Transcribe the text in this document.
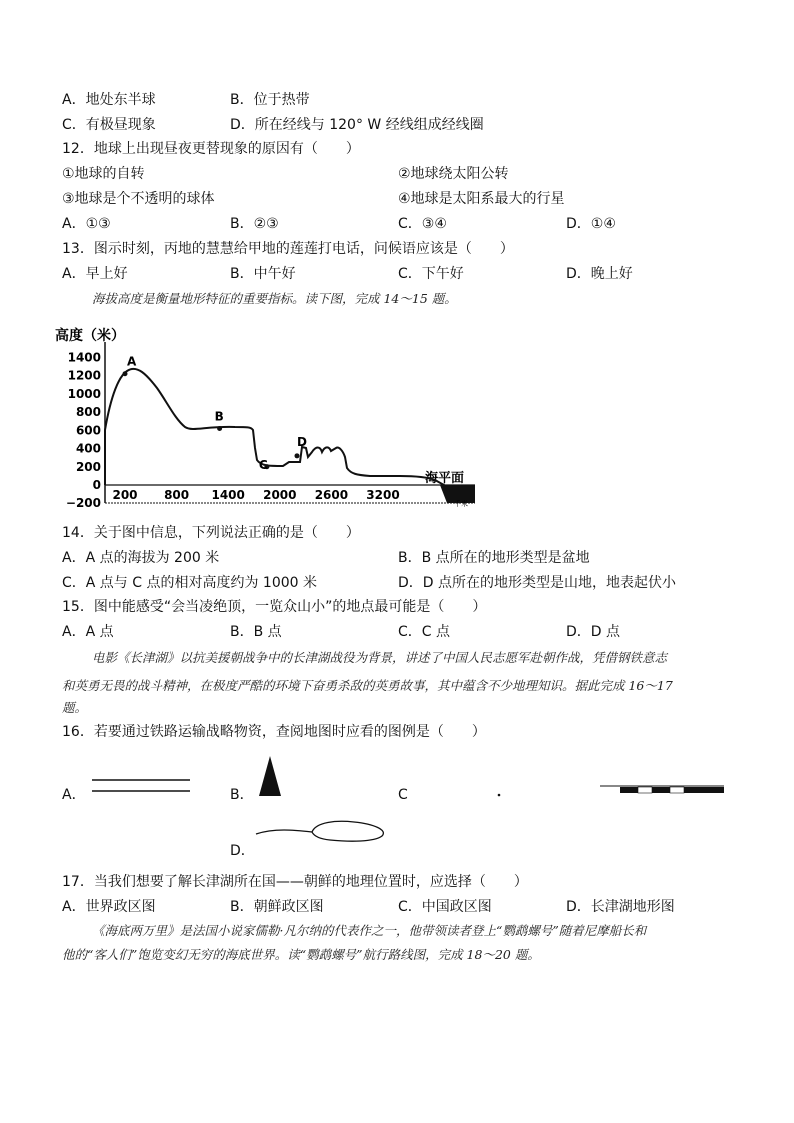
A．地处东半球	B．位于热带
C．有极昼现象	D．所在经线与 120° W 经线组成经线圈
12．地球上出现昼夜更替现象的原因有（　　）
①地球的自转	②地球绕太阳公转
③地球是个不透明的球体	④地球是太阳系最大的行星
A．①③	B．②③	C．③④	D．①④
13．图示时刻，丙地的慧慧给甲地的莲莲打电话，问候语应该是（　　）
A．早上好	B．中午好	C．下午好	D．晚上好
海拔高度是衡量地形特征的重要指标。读下图，完成 14～15 题。
高度（米）
1400
1200
1000
800
600
400
200
0
−200
200 800 1400 2000 2600 3200
海平面
千米
A
B
C
D
14．关于图中信息，下列说法正确的是（　　）
A．A 点的海拔为 200 米	B．B 点所在的地形类型是盆地
C．A 点与 C 点的相对高度约为 1000 米	D．D 点所在的地形类型是山地，地表起伏小
15．图中能感受“会当凌绝顶，一览众山小”的地点最可能是（　　）
A．A 点	B．B 点	C．C 点	D．D 点
电影《长津湖》以抗美援朝战争中的长津湖战役为背景，讲述了中国人民志愿军赴朝作战，凭借钢铁意志
和英勇无畏的战斗精神，在极度严酷的环境下奋勇杀敌的英勇故事，其中蕴含不少地理知识。据此完成 16～17
题。
16．若要通过铁路运输战略物资，查阅地图时应看的图例是（　　）
A．	B．	C
D．
17．当我们想要了解长津湖所在国——朝鲜的地理位置时，应选择（　　）
A．世界政区图	B．朝鲜政区图	C．中国政区图	D．长津湖地形图
《海底两万里》是法国小说家儒勒·凡尔纳的代表作之一，他带领读者登上“鹦鹉螺号”随着尼摩船长和
他的“客人们”饱览变幻无穷的海底世界。读“鹦鹉螺号”航行路线图，完成 18～20 题。
